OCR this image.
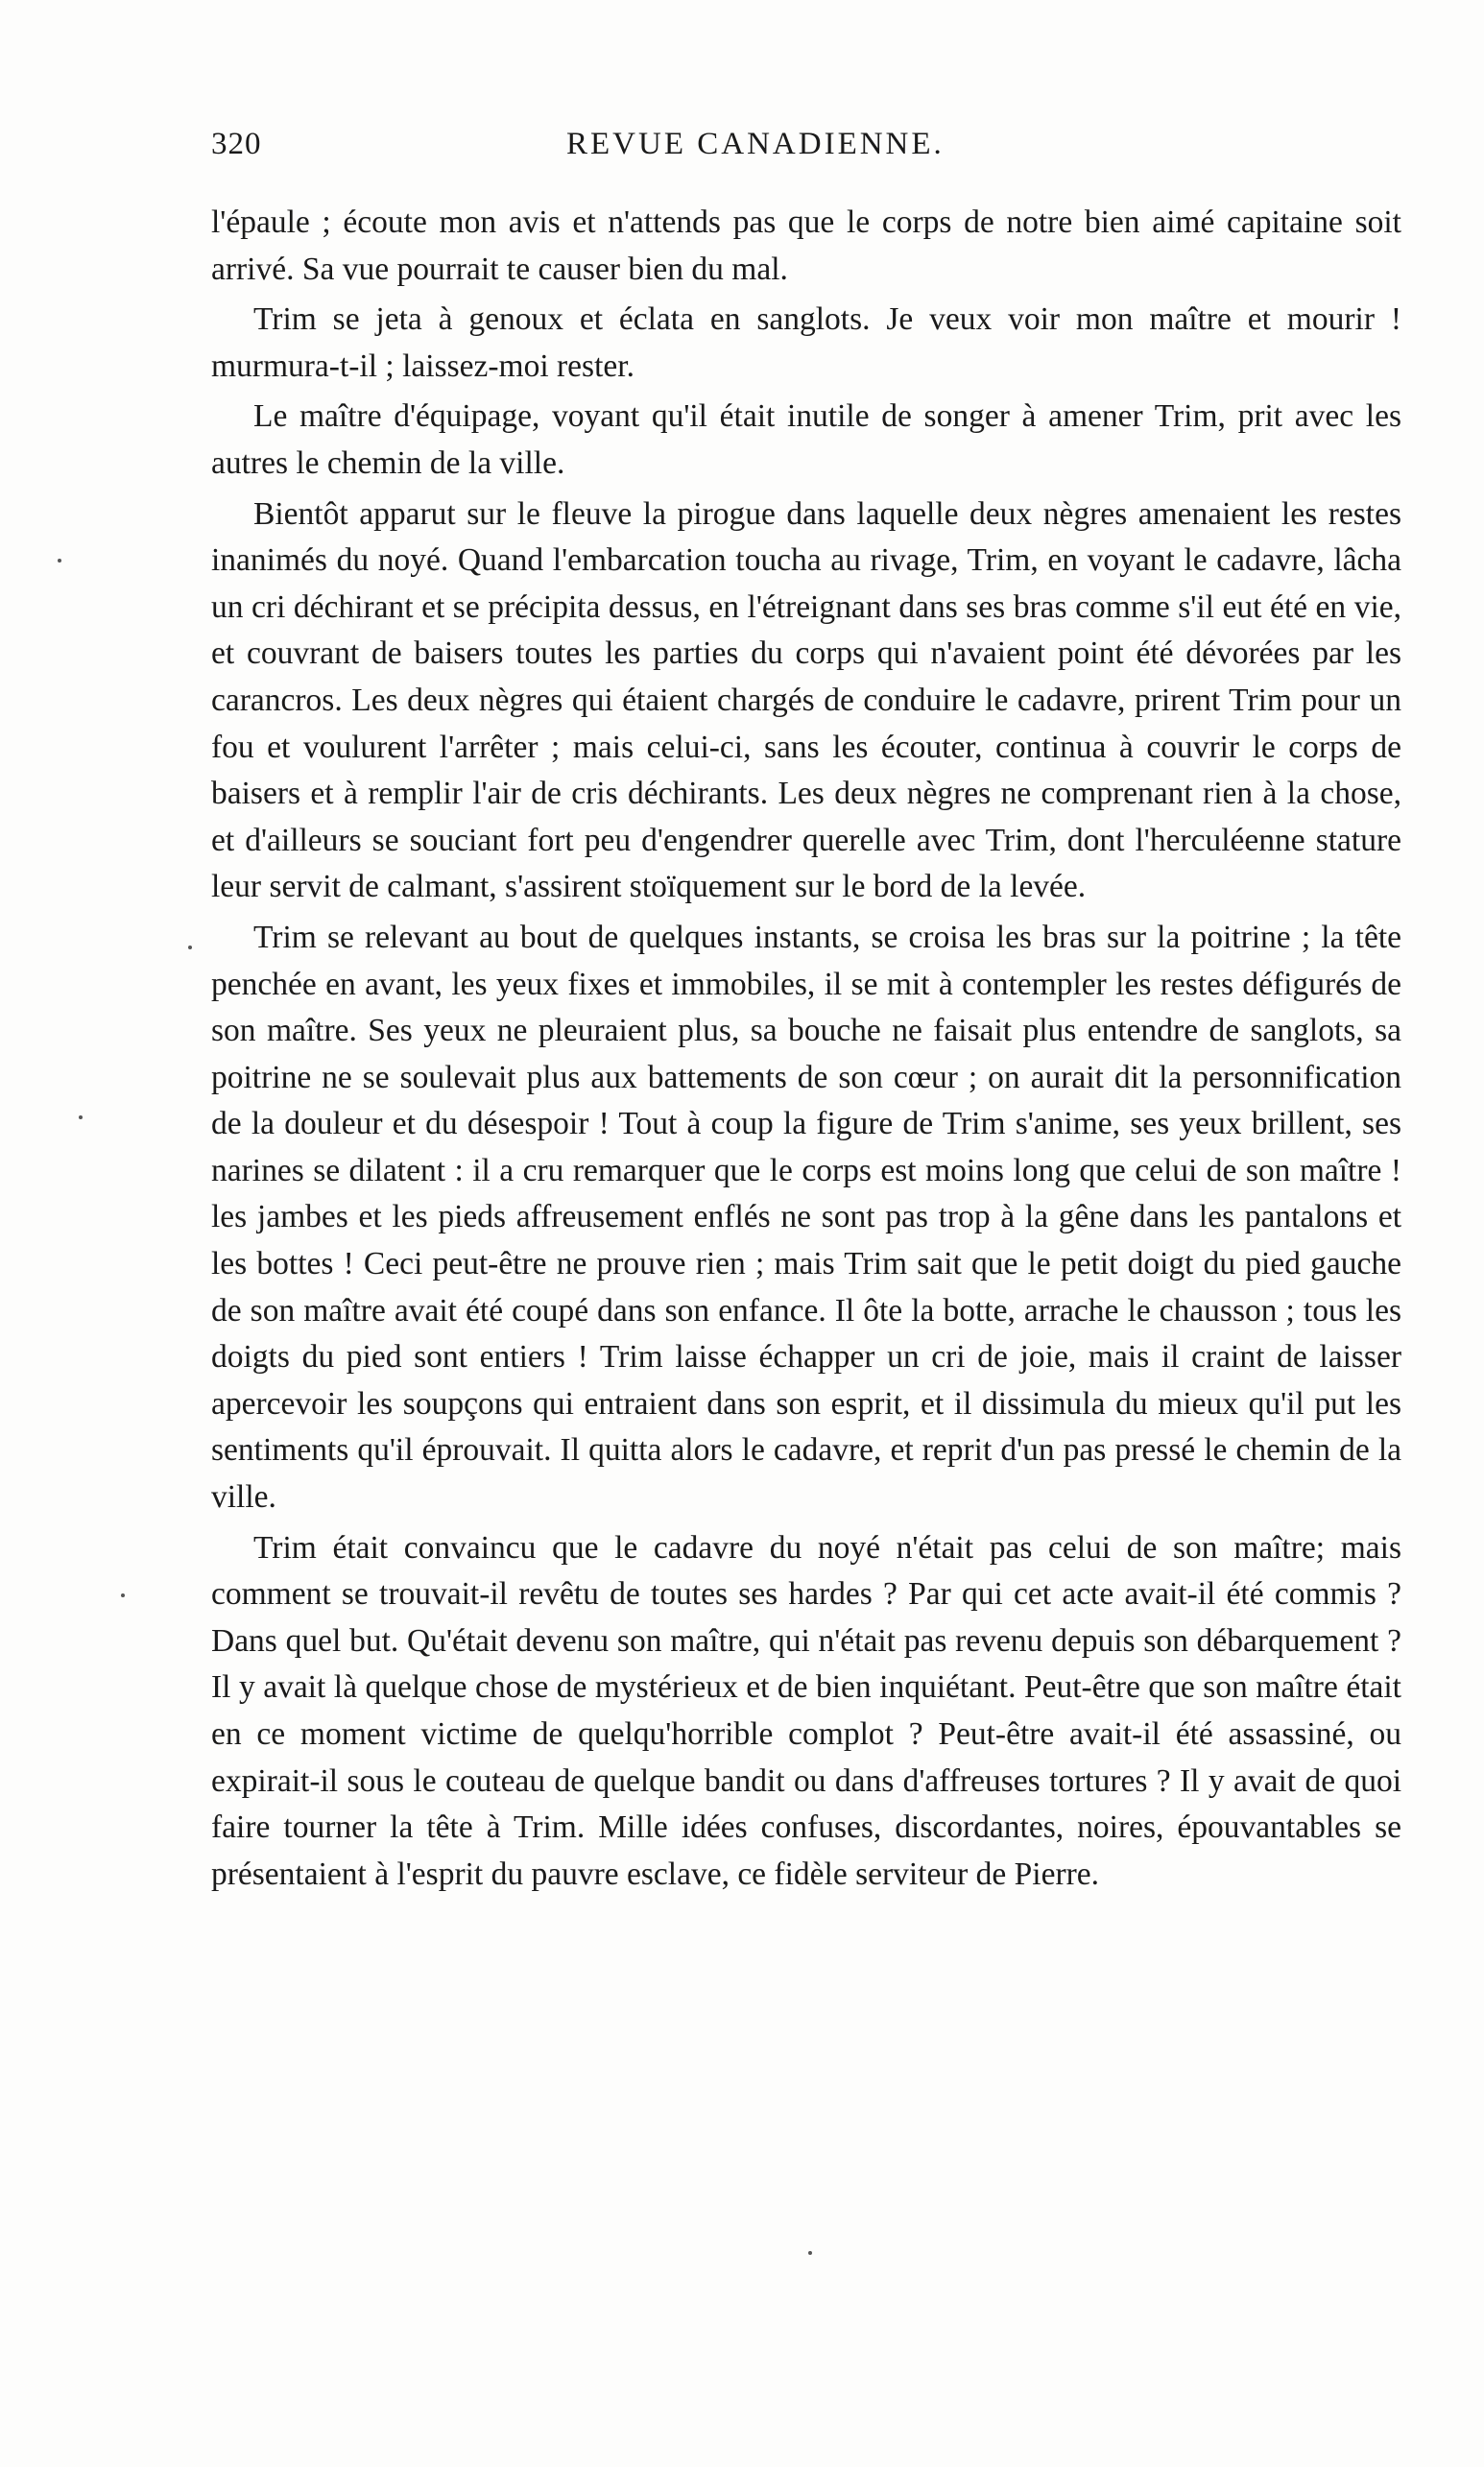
320	REVUE CANADIENNE.

l'épaule ; écoute mon avis et n'attends pas que le corps de notre bien aimé capitaine soit arrivé. Sa vue pourrait te causer bien du mal.

Trim se jeta à genoux et éclata en sanglots. Je veux voir mon maître et mourir ! murmura-t-il ; laissez-moi rester.

Le maître d'équipage, voyant qu'il était inutile de songer à amener Trim, prit avec les autres le chemin de la ville.

Bientôt apparut sur le fleuve la pirogue dans laquelle deux nègres amenaient les restes inanimés du noyé. Quand l'embarcation toucha au rivage, Trim, en voyant le cadavre, lâcha un cri déchirant et se précipita dessus, en l'étreignant dans ses bras comme s'il eut été en vie, et couvrant de baisers toutes les parties du corps qui n'avaient point été dévorées par les carancros. Les deux nègres qui étaient chargés de conduire le cadavre, prirent Trim pour un fou et voulurent l'arrêter ; mais celui-ci, sans les écouter, continua à couvrir le corps de baisers et à remplir l'air de cris déchirants. Les deux nègres ne comprenant rien à la chose, et d'ailleurs se souciant fort peu d'engendrer querelle avec Trim, dont l'herculéenne stature leur servit de calmant, s'assirent stoïquement sur le bord de la levée.

Trim se relevant au bout de quelques instants, se croisa les bras sur la poitrine ; la tête penchée en avant, les yeux fixes et immobiles, il se mit à contempler les restes défigurés de son maître. Ses yeux ne pleuraient plus, sa bouche ne faisait plus entendre de sanglots, sa poitrine ne se soulevait plus aux battements de son cœur ; on aurait dit la personnification de la douleur et du désespoir ! Tout à coup la figure de Trim s'anime, ses yeux brillent, ses narines se dilatent : il a cru remarquer que le corps est moins long que celui de son maître ! les jambes et les pieds affreusement enflés ne sont pas trop à la gêne dans les pantalons et les bottes ! Ceci peut-être ne prouve rien ; mais Trim sait que le petit doigt du pied gauche de son maître avait été coupé dans son enfance. Il ôte la botte, arrache le chausson ; tous les doigts du pied sont entiers ! Trim laisse échapper un cri de joie, mais il craint de laisser apercevoir les soupçons qui entraient dans son esprit, et il dissimula du mieux qu'il put les sentiments qu'il éprouvait. Il quitta alors le cadavre, et reprit d'un pas pressé le chemin de la ville.

Trim était convaincu que le cadavre du noyé n'était pas celui de son maître; mais comment se trouvait-il revêtu de toutes ses hardes ? Par qui cet acte avait-il été commis ? Dans quel but. Qu'était devenu son maître, qui n'était pas revenu depuis son débarquement ? Il y avait là quelque chose de mystérieux et de bien inquiétant. Peut-être que son maître était en ce moment victime de quelqu'horrible complot ? Peut-être avait-il été assassiné, ou expirait-il sous le couteau de quelque bandit ou dans d'affreuses tortures ? Il y avait de quoi faire tourner la tête à Trim. Mille idées confuses, discordantes, noires, épouvantables se présentaient à l'esprit du pauvre esclave, ce fidèle serviteur de Pierre.
